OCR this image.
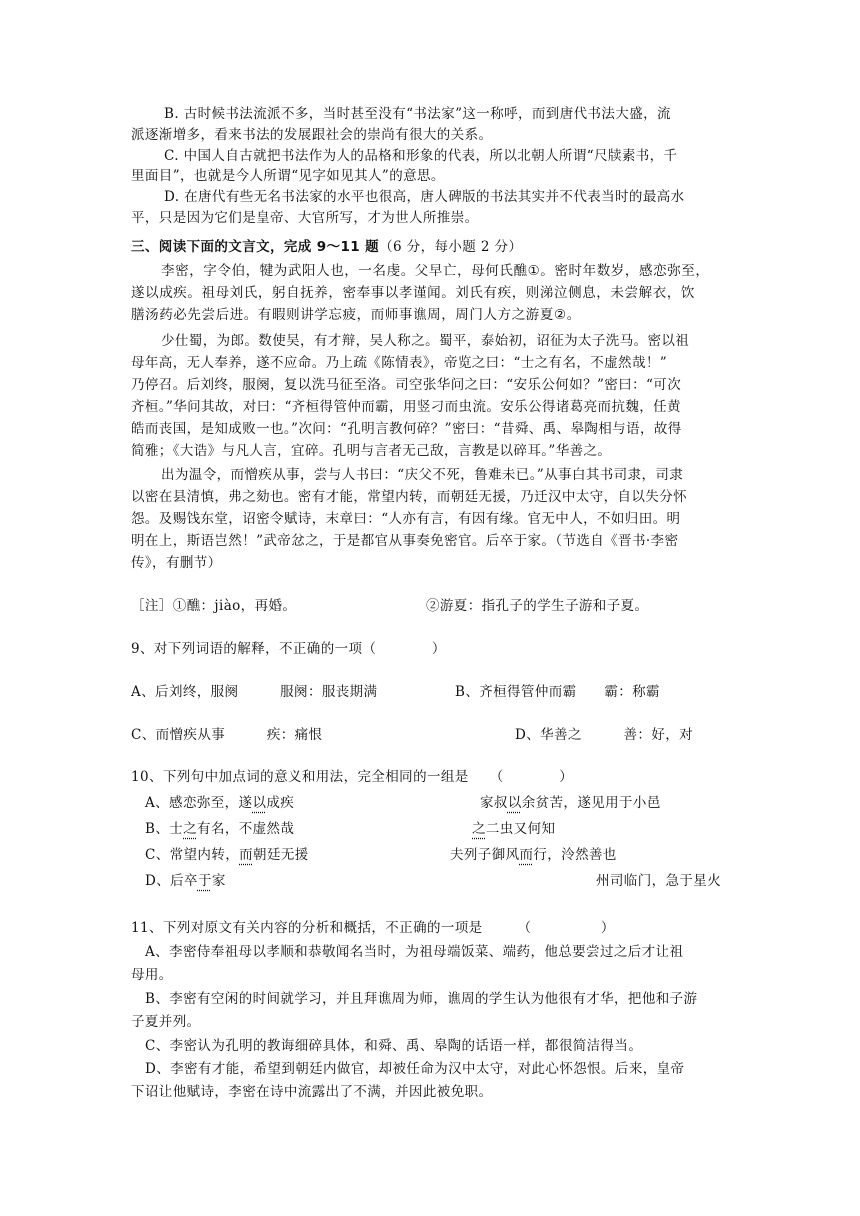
B. 古时候书法流派不多，当时甚至没有“书法家”这一称呼，而到唐代书法大盛，流
派逐渐增多，看来书法的发展跟社会的崇尚有很大的关系。
C. 中国人自古就把书法作为人的品格和形象的代表，所以北朝人所谓“尺牍素书，千
里面目”，也就是今人所谓“见字如见其人”的意思。
D. 在唐代有些无名书法家的水平也很高，唐人碑版的书法其实并不代表当时的最高水
平，只是因为它们是皇帝、大官所写，才为世人所推崇。
三、阅读下面的文言文，完成 9～11 题（6 分，每小题 2 分）
李密，字令伯，犍为武阳人也，一名虔。父早亡，母何氏醮①。密时年数岁，感恋弥至，
遂以成疾。祖母刘氏，躬自抚养，密奉事以孝谨闻。刘氏有疾，则涕泣侧息，未尝解衣，饮
膳汤药必先尝后进。有暇则讲学忘疲，而师事谯周，周门人方之游夏②。
少仕蜀，为郎。数使吴，有才辩，吴人称之。蜀平，泰始初，诏征为太子洗马。密以祖
母年高，无人奉养，遂不应命。乃上疏《陈情表》，帝览之曰：“士之有名，不虚然哉！”
乃停召。后刘终，服阕，复以洗马征至洛。司空张华问之曰：“安乐公何如？”密曰：“可次
齐桓。”华问其故，对曰：“齐桓得管仲而霸，用竖刁而虫流。安乐公得诸葛亮而抗魏，任黄
皓而丧国，是知成败一也。”次问：“孔明言教何碎？”密曰：“昔舜、禹、皋陶相与语，故得
简雅；《大诰》与凡人言，宜碎。孔明与言者无己敌，言教是以碎耳。”华善之。
出为温令，而憎疾从事，尝与人书曰：“庆父不死，鲁难未已。”从事白其书司隶，司隶
以密在县清慎，弗之劾也。密有才能，常望内转，而朝廷无援，乃迁汉中太守，自以失分怀
怨。及赐饯东堂，诏密令赋诗，末章曰：“人亦有言，有因有缘。官无中人，不如归田。明
明在上，斯语岂然！”武帝忿之，于是都官从事奏免密官。后卒于家。（节选自《晋书·李密
传》，有删节）
［注］①醮：jiào，再婚。	②游夏：指孔子的学生子游和子夏。
9、对下列词语的解释，不正确的一项（　　　　）
A、后刘终，服阕　　　服阕：服丧期满	B、齐桓得管仲而霸　　霸：称霸
C、而憎疾从事　　　疾：痛恨	D、华善之　　　善：好，对
10、下列句中加点词的意义和用法，完全相同的一组是　　（　　　　）
A、感恋弥至，遂以成疾	家叔以余贫苦，遂见用于小邑
B、士之有名，不虚然哉	之二虫又何知
C、常望内转，而朝廷无援	夫列子御风而行，泠然善也
D、后卒于家	州司临门，急于星火
11、下列对原文有关内容的分析和概括，不正确的一项是　　　（　　　　　）
A、李密侍奉祖母以孝顺和恭敬闻名当时，为祖母端饭菜、端药，他总要尝过之后才让祖
母用。
B、李密有空闲的时间就学习，并且拜谯周为师，谯周的学生认为他很有才华，把他和子游
子夏并列。
C、李密认为孔明的教诲细碎具体，和舜、禹、皋陶的话语一样，都很简洁得当。
D、李密有才能，希望到朝廷内做官，却被任命为汉中太守，对此心怀怨恨。后来，皇帝
下诏让他赋诗，李密在诗中流露出了不满，并因此被免职。
